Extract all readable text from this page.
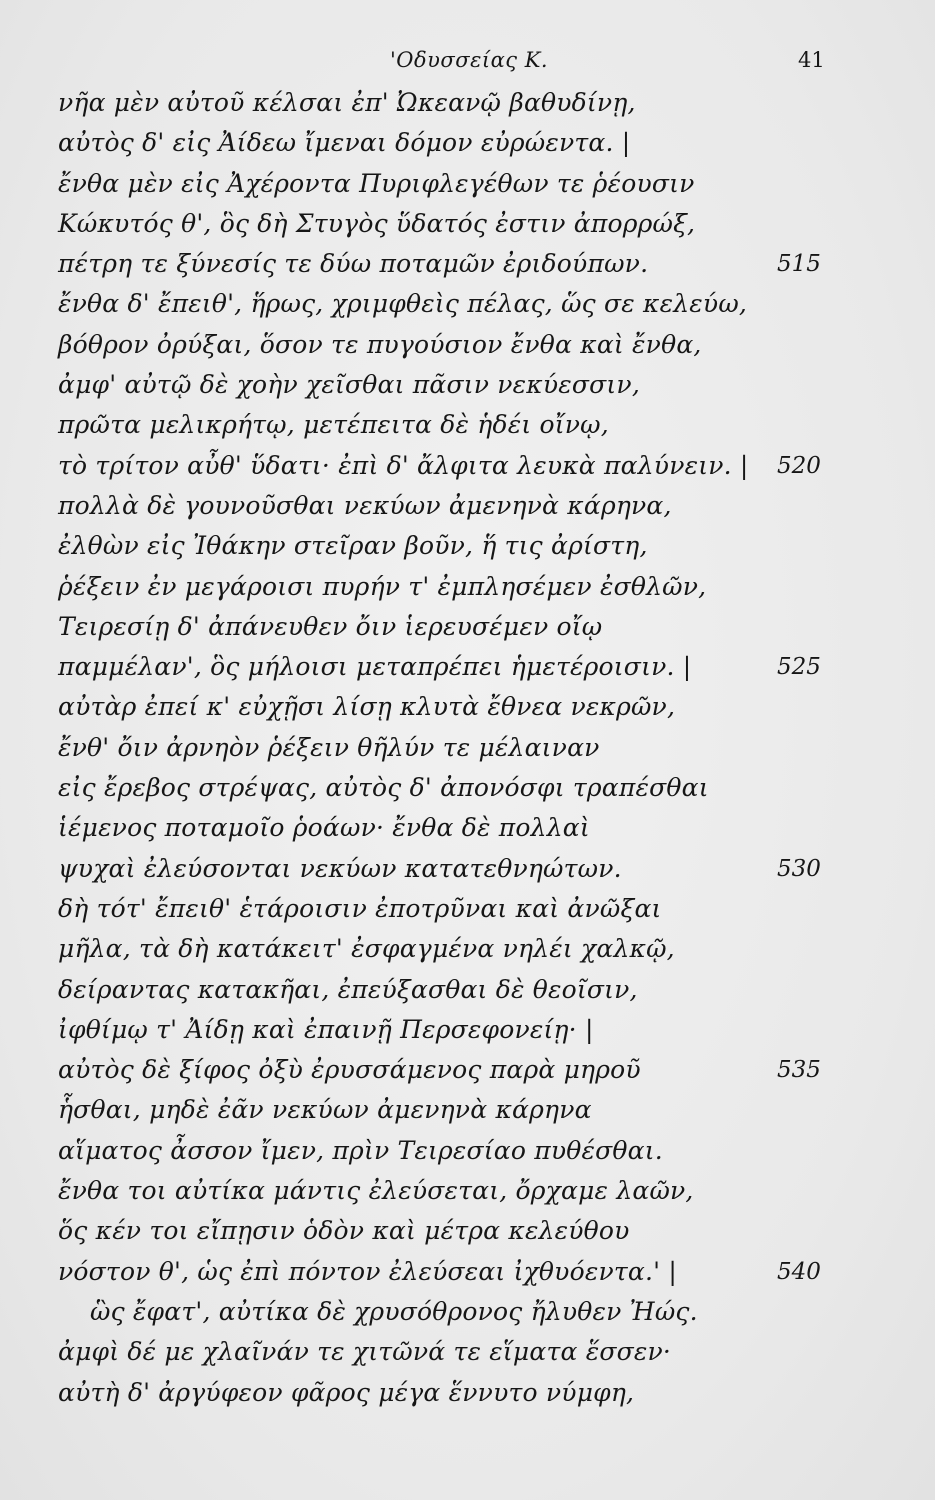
'Οδυσσείας Κ.	41
νῆα μὲν αὐτοῦ κέλσαι ἐπ' Ὠκεανῷ βαθυδίνῃ,
αὐτὸς δ' εἰς Ἀίδεω ἴμεναι δόμον εὐρώεντα. |
ἔνθα μὲν εἰς Ἀχέροντα Πυριφλεγέθων τε ῥέουσιν
Κώκυτός θ', ὃς δὴ Στυγὸς ὕδατός ἐστιν ἀπορρώξ,
πέτρη τε ξύνεσίς τε δύω ποταμῶν ἐριδούπων.	515
ἔνθα δ' ἔπειθ', ἥρως, χριμφθεὶς πέλας, ὥς σε κελεύω,
βόθρον ὀρύξαι, ὅσον τε πυγούσιον ἔνθα καὶ ἔνθα,
ἀμφ' αὐτῷ δὲ χοὴν χεῖσθαι πᾶσιν νεκύεσσιν,
πρῶτα μελικρήτῳ, μετέπειτα δὲ ἡδέι οἴνῳ,
τὸ τρίτον αὖθ' ὕδατι· ἐπὶ δ' ἄλφιτα λευκὰ παλύνειν. | 520
πολλὰ δὲ γουνοῦσθαι νεκύων ἀμενηνὰ κάρηνα,
ἐλθὼν εἰς Ἰθάκην στεῖραν βοῦν, ἥ τις ἀρίστη,
ῥέξειν ἐν μεγάροισι πυρήν τ' ἐμπλησέμεν ἐσθλῶν,
Τειρεσίῃ δ' ἀπάνευθεν ὄιν ἱερευσέμεν οἴῳ
παμμέλαν', ὃς μήλοισι μεταπρέπει ἡμετέροισιν. |	525
αὐτὰρ ἐπεί κ' εὐχῇσι λίσῃ κλυτὰ ἔθνεα νεκρῶν,
ἔνθ' ὄιν ἀρνηὸν ῥέξειν θῆλύν τε μέλαιναν
εἰς ἔρεβος στρέψας, αὐτὸς δ' ἀπονόσφι τραπέσθαι
ἱέμενος ποταμοῖο ῥοάων· ἔνθα δὲ πολλαὶ
ψυχαὶ ἐλεύσονται νεκύων κατατεθνηώτων.	530
δὴ τότ' ἔπειθ' ἑτάροισιν ἐποτρῦναι καὶ ἀνῶξαι
μῆλα, τὰ δὴ κατάκειτ' ἐσφαγμένα νηλέι χαλκῷ,
δείραντας κατακῆαι, ἐπεύξασθαι δὲ θεοῖσιν,
ἰφθίμῳ τ' Ἀίδῃ καὶ ἐπαινῇ Περσεφονείῃ· |
αὐτὸς δὲ ξίφος ὀξὺ ἐρυσσάμενος παρὰ μηροῦ	535
ἧσθαι, μηδὲ ἐᾶν νεκύων ἀμενηνὰ κάρηνα
αἵματος ἆσσον ἴμεν, πρὶν Τειρεσίαο πυθέσθαι.
ἔνθα τοι αὐτίκα μάντις ἐλεύσεται, ὄρχαμε λαῶν,
ὅς κέν τοι εἴπῃσιν ὁδὸν καὶ μέτρα κελεύθου
νόστον θ', ὡς ἐπὶ πόντον ἐλεύσεαι ἰχθυόεντα.' |	540
ὣς ἔφατ', αὐτίκα δὲ χρυσόθρονος ἤλυθεν Ἠώς.
ἀμφὶ δέ με χλαῖνάν τε χιτῶνά τε εἵματα ἕσσεν·
αὐτὴ δ' ἀργύφεον φᾶρος μέγα ἕννυτο νύμφη,
